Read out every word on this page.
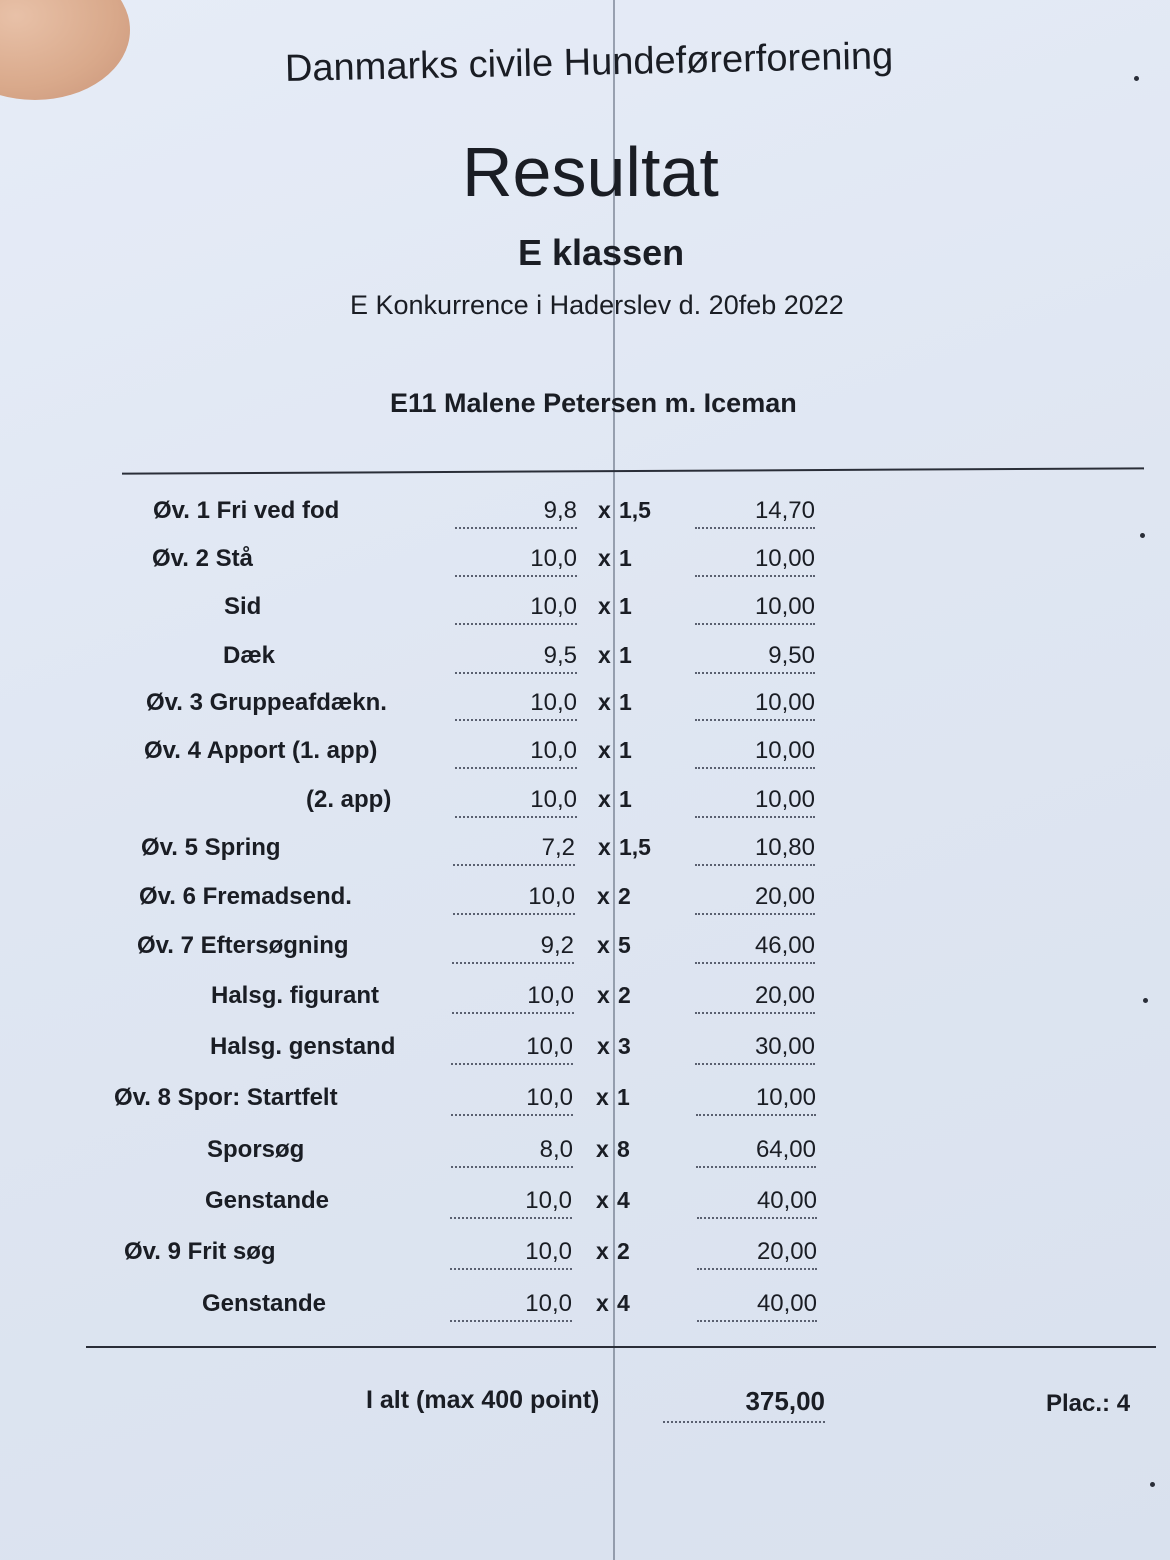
Danmarks civile Hundeførerforening
Resultat
E klassen
E Konkurrence i Haderslev d. 20feb 2022
E11 Malene Petersen m. Iceman
Øv. 1 Fri ved fod	9,8 x 1,5	14,70
Øv. 2 Stå	10,0 x 1	10,00
Sid	10,0 x 1	10,00
Dæk	9,5 x 1	9,50
Øv. 3 Gruppeafdækn.	10,0 x 1	10,00
Øv. 4 Apport (1. app)	10,0 x 1	10,00
(2. app)	10,0 x 1	10,00
Øv. 5 Spring	7,2 x 1,5	10,80
Øv. 6 Fremadsend.	10,0 x 2	20,00
Øv. 7 Eftersøgning	9,2 x 5	46,00
Halsg. figurant	10,0 x 2	20,00
Halsg. genstand	10,0 x 3	30,00
Øv. 8 Spor: Startfelt	10,0 x 1	10,00
Sporsøg	8,0 x 8	64,00
Genstande	10,0 x 4	40,00
Øv. 9 Frit søg	10,0 x 2	20,00
Genstande	10,0 x 4	40,00
I alt (max 400 point)	375,00	Plac.: 4
